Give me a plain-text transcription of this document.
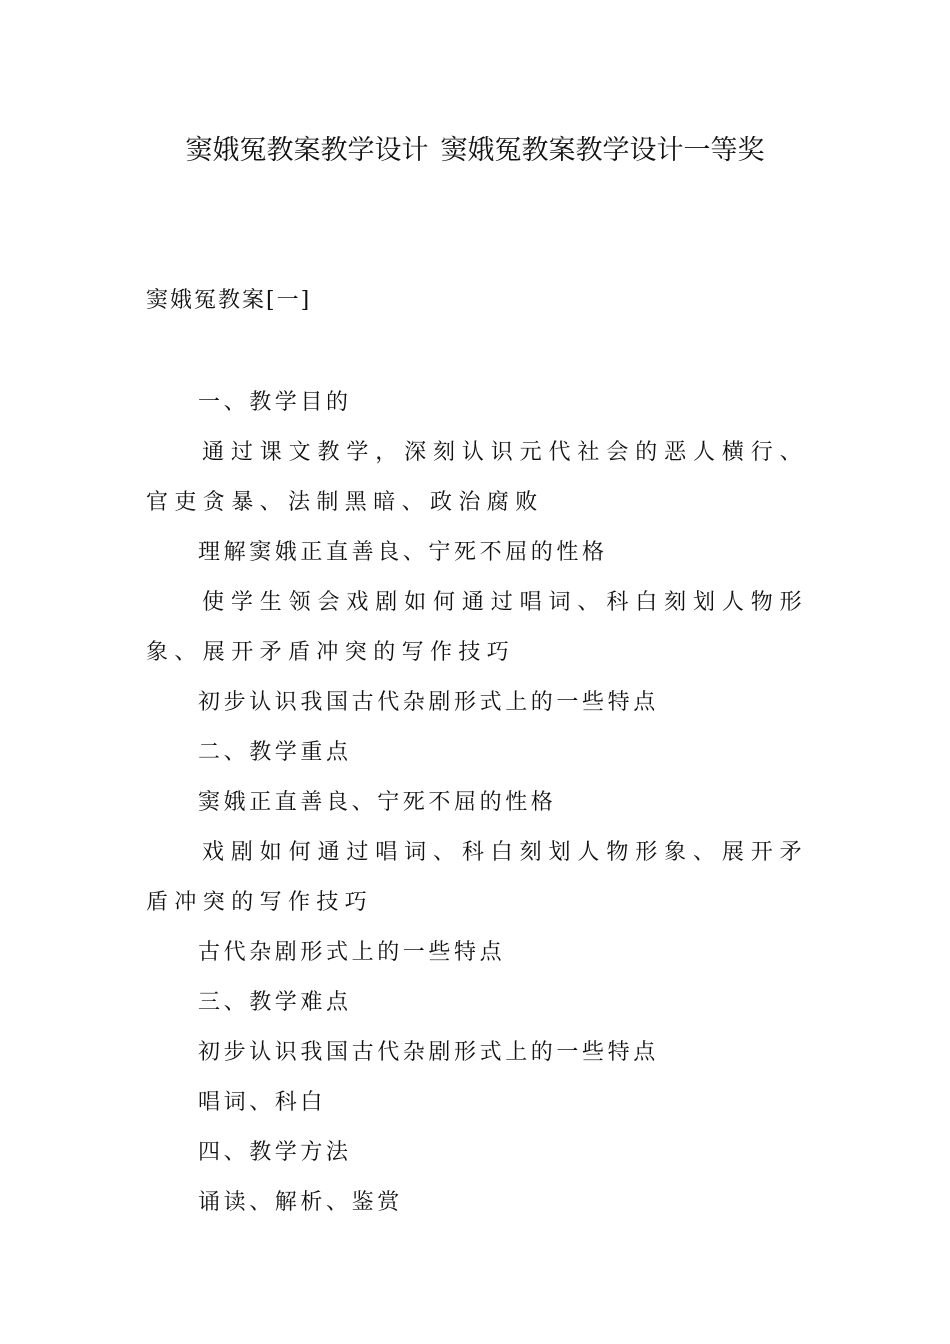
窦娥冤教案教学设计 窦娥冤教案教学设计一等奖
窦娥冤教案[一]

一、教学目的

通过课文教学，深刻认识元代社会的恶人横行、官吏贪暴、法制黑暗、政治腐败

理解窦娥正直善良、宁死不屈的性格

使学生领会戏剧如何通过唱词、科白刻划人物形象、展开矛盾冲突的写作技巧

初步认识我国古代杂剧形式上的一些特点

二、教学重点

窦娥正直善良、宁死不屈的性格

戏剧如何通过唱词、科白刻划人物形象、展开矛盾冲突的写作技巧

古代杂剧形式上的一些特点

三、教学难点

初步认识我国古代杂剧形式上的一些特点

唱词、科白

四、教学方法

诵读、解析、鉴赏
